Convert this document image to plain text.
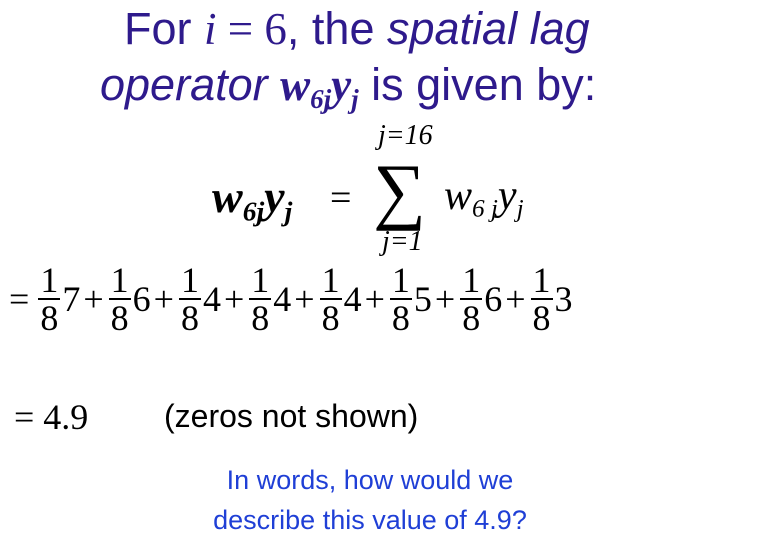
For i = 6, the spatial lag
operator $w_{6j}y_j$ is given by:
j=16
$w_{6j}y_j$ = ∑ $w_{6 j}y_j$
j=1
= $\frac{1}{8} 7+ \frac{1}{8} 6+ \frac{1}{8} 4+ \frac{1}{8} 4+ \frac{1}{8} 4+ \frac{1}{8} 5+ \frac{1}{8} 6+ \frac{1}{8} 3$
= 4.9 (zeros not shown)
In words, how would we
describe this value of 4.9?
